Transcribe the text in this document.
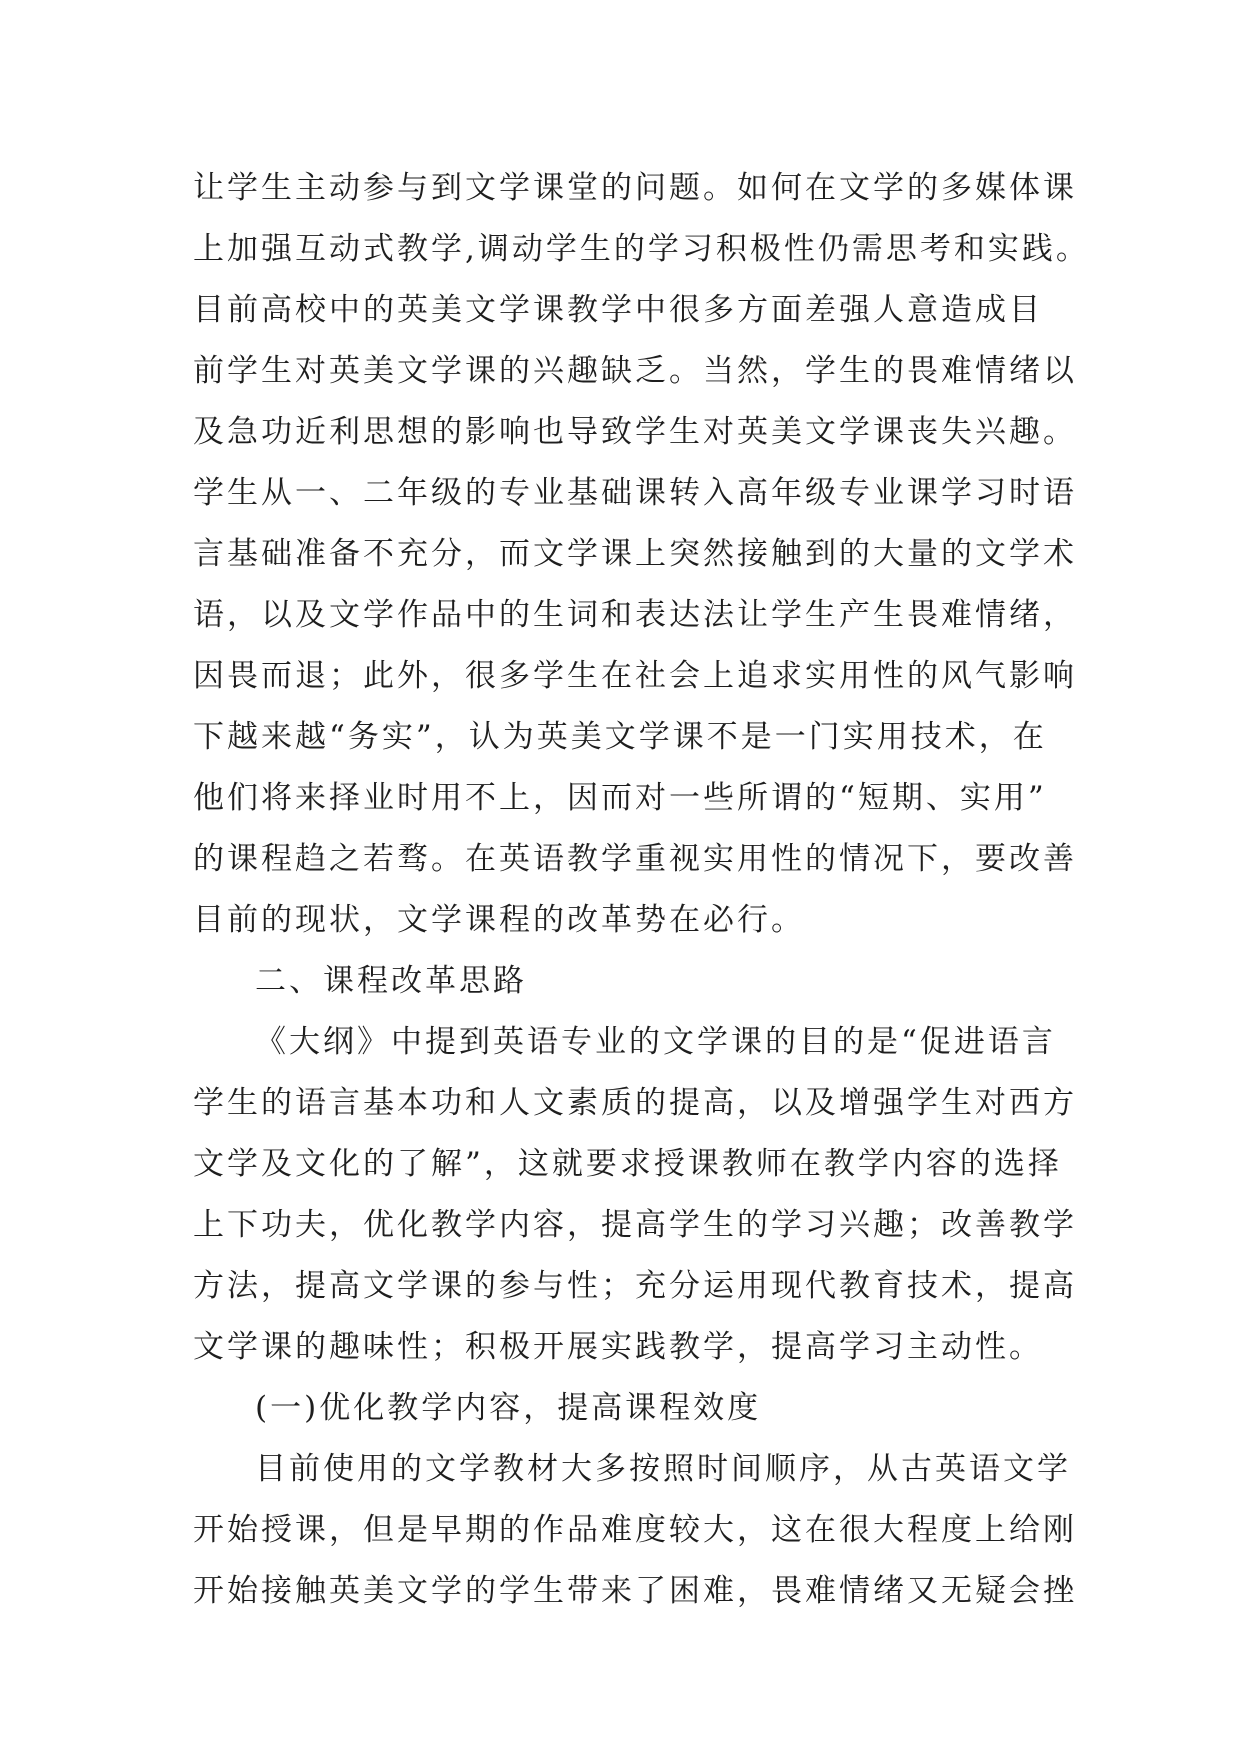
让学生主动参与到文学课堂的问题。如何在文学的多媒体课
上加强互动式教学,调动学生的学习积极性仍需思考和实践。
目前高校中的英美文学课教学中很多方面差强人意造成目
前学生对英美文学课的兴趣缺乏。当然，学生的畏难情绪以
及急功近利思想的影响也导致学生对英美文学课丧失兴趣。
学生从一、二年级的专业基础课转入高年级专业课学习时语
言基础准备不充分，而文学课上突然接触到的大量的文学术
语，以及文学作品中的生词和表达法让学生产生畏难情绪，
因畏而退；此外，很多学生在社会上追求实用性的风气影响
下越来越“务实”，认为英美文学课不是一门实用技术，在
他们将来择业时用不上，因而对一些所谓的“短期、实用”
的课程趋之若骛。在英语教学重视实用性的情况下，要改善
目前的现状，文学课程的改革势在必行。
二、课程改革思路
《大纲》中提到英语专业的文学课的目的是“促进语言
学生的语言基本功和人文素质的提高，以及增强学生对西方
文学及文化的了解”，这就要求授课教师在教学内容的选择
上下功夫，优化教学内容，提高学生的学习兴趣；改善教学
方法，提高文学课的参与性；充分运用现代教育技术，提高
文学课的趣味性；积极开展实践教学，提高学习主动性。
(一)优化教学内容，提高课程效度
目前使用的文学教材大多按照时间顺序，从古英语文学
开始授课，但是早期的作品难度较大，这在很大程度上给刚
开始接触英美文学的学生带来了困难，畏难情绪又无疑会挫
